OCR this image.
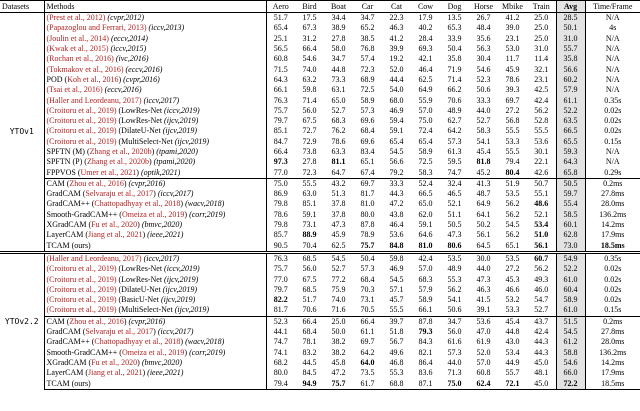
Datasets	Methods	Aero	Bird	Boat	Car	Cat	Cow	Dog	Horse	Mbike	Train	Avg	Time/Frame
YTOv1	(Prest et al., 2012) (cvpr,2012)	51.7	17.5	34.4	34.7	22.3	17.9	13.5	26.7	41.2	25.0	28.5	N/A
	(Papazoglou and Ferrari, 2013) (iccv,2013)	65.4	67.3	38.9	65.2	46.3	40.2	65.3	48.4	39.0	25.0	50.1	4s
	(Joulin et al., 2014) (eccv,2014)	25.1	31.2	27.8	38.5	41.2	28.4	33.9	35.6	23.1	25.0	31.0	N/A
	(Kwak et al., 2015) (iccv,2015)	56.5	66.4	58.0	76.8	39.9	69.3	50.4	56.3	53.0	31.0	55.7	N/A
	(Rochan et al., 2016) (ivc,2016)	60.8	54.6	34.7	57.4	19.2	42.1	35.8	30.4	11.7	11.4	35.8	N/A
	(Tokmakov et al., 2016) (eccv,2016)	71.5	74.0	44.8	72.3	52.0	46.4	71.9	54.6	45.9	32.1	56.6	N/A
	POD (Koh et al., 2016) (cvpr,2016)	64.3	63.2	73.3	68.9	44.4	62.5	71.4	52.3	78.6	23.1	60.2	N/A
	(Tsai et al., 2016) (eccv,2016)	66.1	59.8	63.1	72.5	54.0	64.9	66.2	50.6	39.3	42.5	57.9	N/A
	(Haller and Leordeanu, 2017) (iccv,2017)	76.3	71.4	65.0	58.9	68.0	55.9	70.6	33.3	69.7	42.4	61.1	0.35s
	(Croitoru et al., 2019) (LowRes-Net (iccv,2019)	75.7	56.0	52.7	57.3	46.9	57.0	48.9	44.0	27.2	56.2	52.2	0.02s
	(Croitoru et al., 2019) (LowRes-Net (ijcv,2019)	79.7	67.5	68.3	69.6	59.4	75.0	62.7	52.7	56.8	52.8	63.5	0.02s
	(Croitoru et al., 2019) (DilateU-Net (ijcv,2019)	85.1	72.7	76.2	68.4	59.1	72.4	64.2	58.3	55.5	55.5	66.5	0.02s
	(Croitoru et al., 2019) (MultiSelect-Net (ijcv,2019)	84.7	72.9	78.6	69.6	65.4	65.4	57.3	54.1	53.3	53.6	65.5	0.15s
	SPFTN (M) (Zhang et al., 2020b) (tpami,2020)	66.4	73.8	63.3	83.4	54.5	58.9	61.3	45.4	55.5	30.1	59.3	N/A
	SPFTN (P) (Zhang et al., 2020b) (tpami,2020)	97.3	27.8	81.1	65.1	56.6	72.5	59.5	81.8	79.4	22.1	64.3	N/A
	FPPVOS (Umer et al., 2021) (optik,2021)	77.0	72.3	64.7	67.4	79.2	58.3	74.7	45.2	80.4	42.6	65.8	0.29s
	CAM (Zhou et al., 2016) (cvpr,2016)	75.0	55.5	43.2	69.7	33.3	52.4	32.4	41.3	51.9	50.7	50.5	0.2ms
	GradCAM (Selvaraju et al., 2017) (iccv,2017)	86.9	63.0	51.3	81.7	44.3	66.5	46.5	48.7	53.5	55.1	59.7	27.8ms
	GradCAM++ (Chattopadhyay et al., 2018) (wacv,2018)	79.8	85.1	37.8	81.0	47.2	65.0	52.1	64.9	56.2	48.6	55.4	28.0ms
	Smooth-GradCAM++ (Omeiza et al., 2019) (corr,2019)	78.6	59.1	37.8	80.0	43.8	62.0	51.1	64.1	56.2	52.1	58.5	136.2ms
	XGradCAM (Fu et al., 2020) (bmvc,2020)	79.8	73.1	47.3	87.8	46.4	59.1	50.5	50.2	54.5	53.4	60.1	14.2ms
	LayerCAM (Jiang et al., 2021) (ieee,2021)	85.7	88.9	45.9	78.9	53.6	64.6	47.3	56.1	56.2	51.0	62.8	17.9ms
	TCAM (ours)	90.5	70.4	62.5	75.7	84.8	81.0	80.6	64.5	65.1	56.1	73.0	18.5ms
YTOv2.2	(Haller and Leordeanu, 2017) (iccv,2017)	76.3	68.5	54.5	50.4	59.8	42.4	53.5	30.0	53.5	60.7	54.9	0.35s
	(Croitoru et al., 2019) (LowRes-Net (iccv,2019)	75.7	56.0	52.7	57.3	46.9	57.0	48.9	44.0	27.2	56.2	52.2	0.02s
	(Croitoru et al., 2019) (LowRes-Net (ijcv,2019)	77.0	67.5	77.2	68.4	54.5	68.3	55.3	47.3	45.3	49.3	61.0	0.02s
	(Croitoru et al., 2019) (DilateU-Net (ijcv,2019)	79.7	68.5	75.9	70.3	57.1	57.9	56.2	46.3	46.6	46.0	60.4	0.02s
	(Croitoru et al., 2019) (BasicU-Net (ijcv,2019)	82.2	51.7	74.0	73.1	45.7	58.9	54.1	41.5	53.2	54.7	58.9	0.02s
	(Croitoru et al., 2019) (MultiSelect-Net (ijcv,2019)	81.7	70.6	71.6	70.5	55.5	66.1	50.6	39.1	53.3	52.7	61.0	0.15s
	CAM (Zhou et al., 2016) (cvpr,2016)	52.3	66.4	25.0	66.4	39.7	87.8	34.7	53.6	45.4	43.7	51.5	0.2ms
	GradCAM (Selvaraju et al., 2017) (iccv,2017)	44.1	68.4	50.0	61.1	51.8	79.3	56.0	47.0	44.8	42.4	54.5	27.8ms
	GradCAM++ (Chattopadhyay et al., 2018) (wacv,2018)	74.7	78.1	38.2	69.7	56.7	84.3	61.6	61.9	43.0	44.3	61.2	28.0ms
	Smooth-GradCAM++ (Omeiza et al., 2019) (corr,2019)	74.1	83.2	38.2	64.2	49.6	82.1	57.3	52.0	53.4	44.3	58.8	136.2ms
	XGradCAM (Fu et al., 2020) (bmvc,2020)	68.2	44.5	45.8	64.0	46.8	86.4	44.0	57.0	44.9	45.0	54.6	14.2ms
	LayerCAM (Jiang et al., 2021) (ieee,2021)	80.0	84.5	47.2	73.5	55.3	83.6	71.3	60.8	55.7	48.1	66.0	17.9ms
	TCAM (ours)	79.4	94.9	75.7	61.7	68.8	87.1	75.0	62.4	72.1	45.0	72.2	18.5ms
